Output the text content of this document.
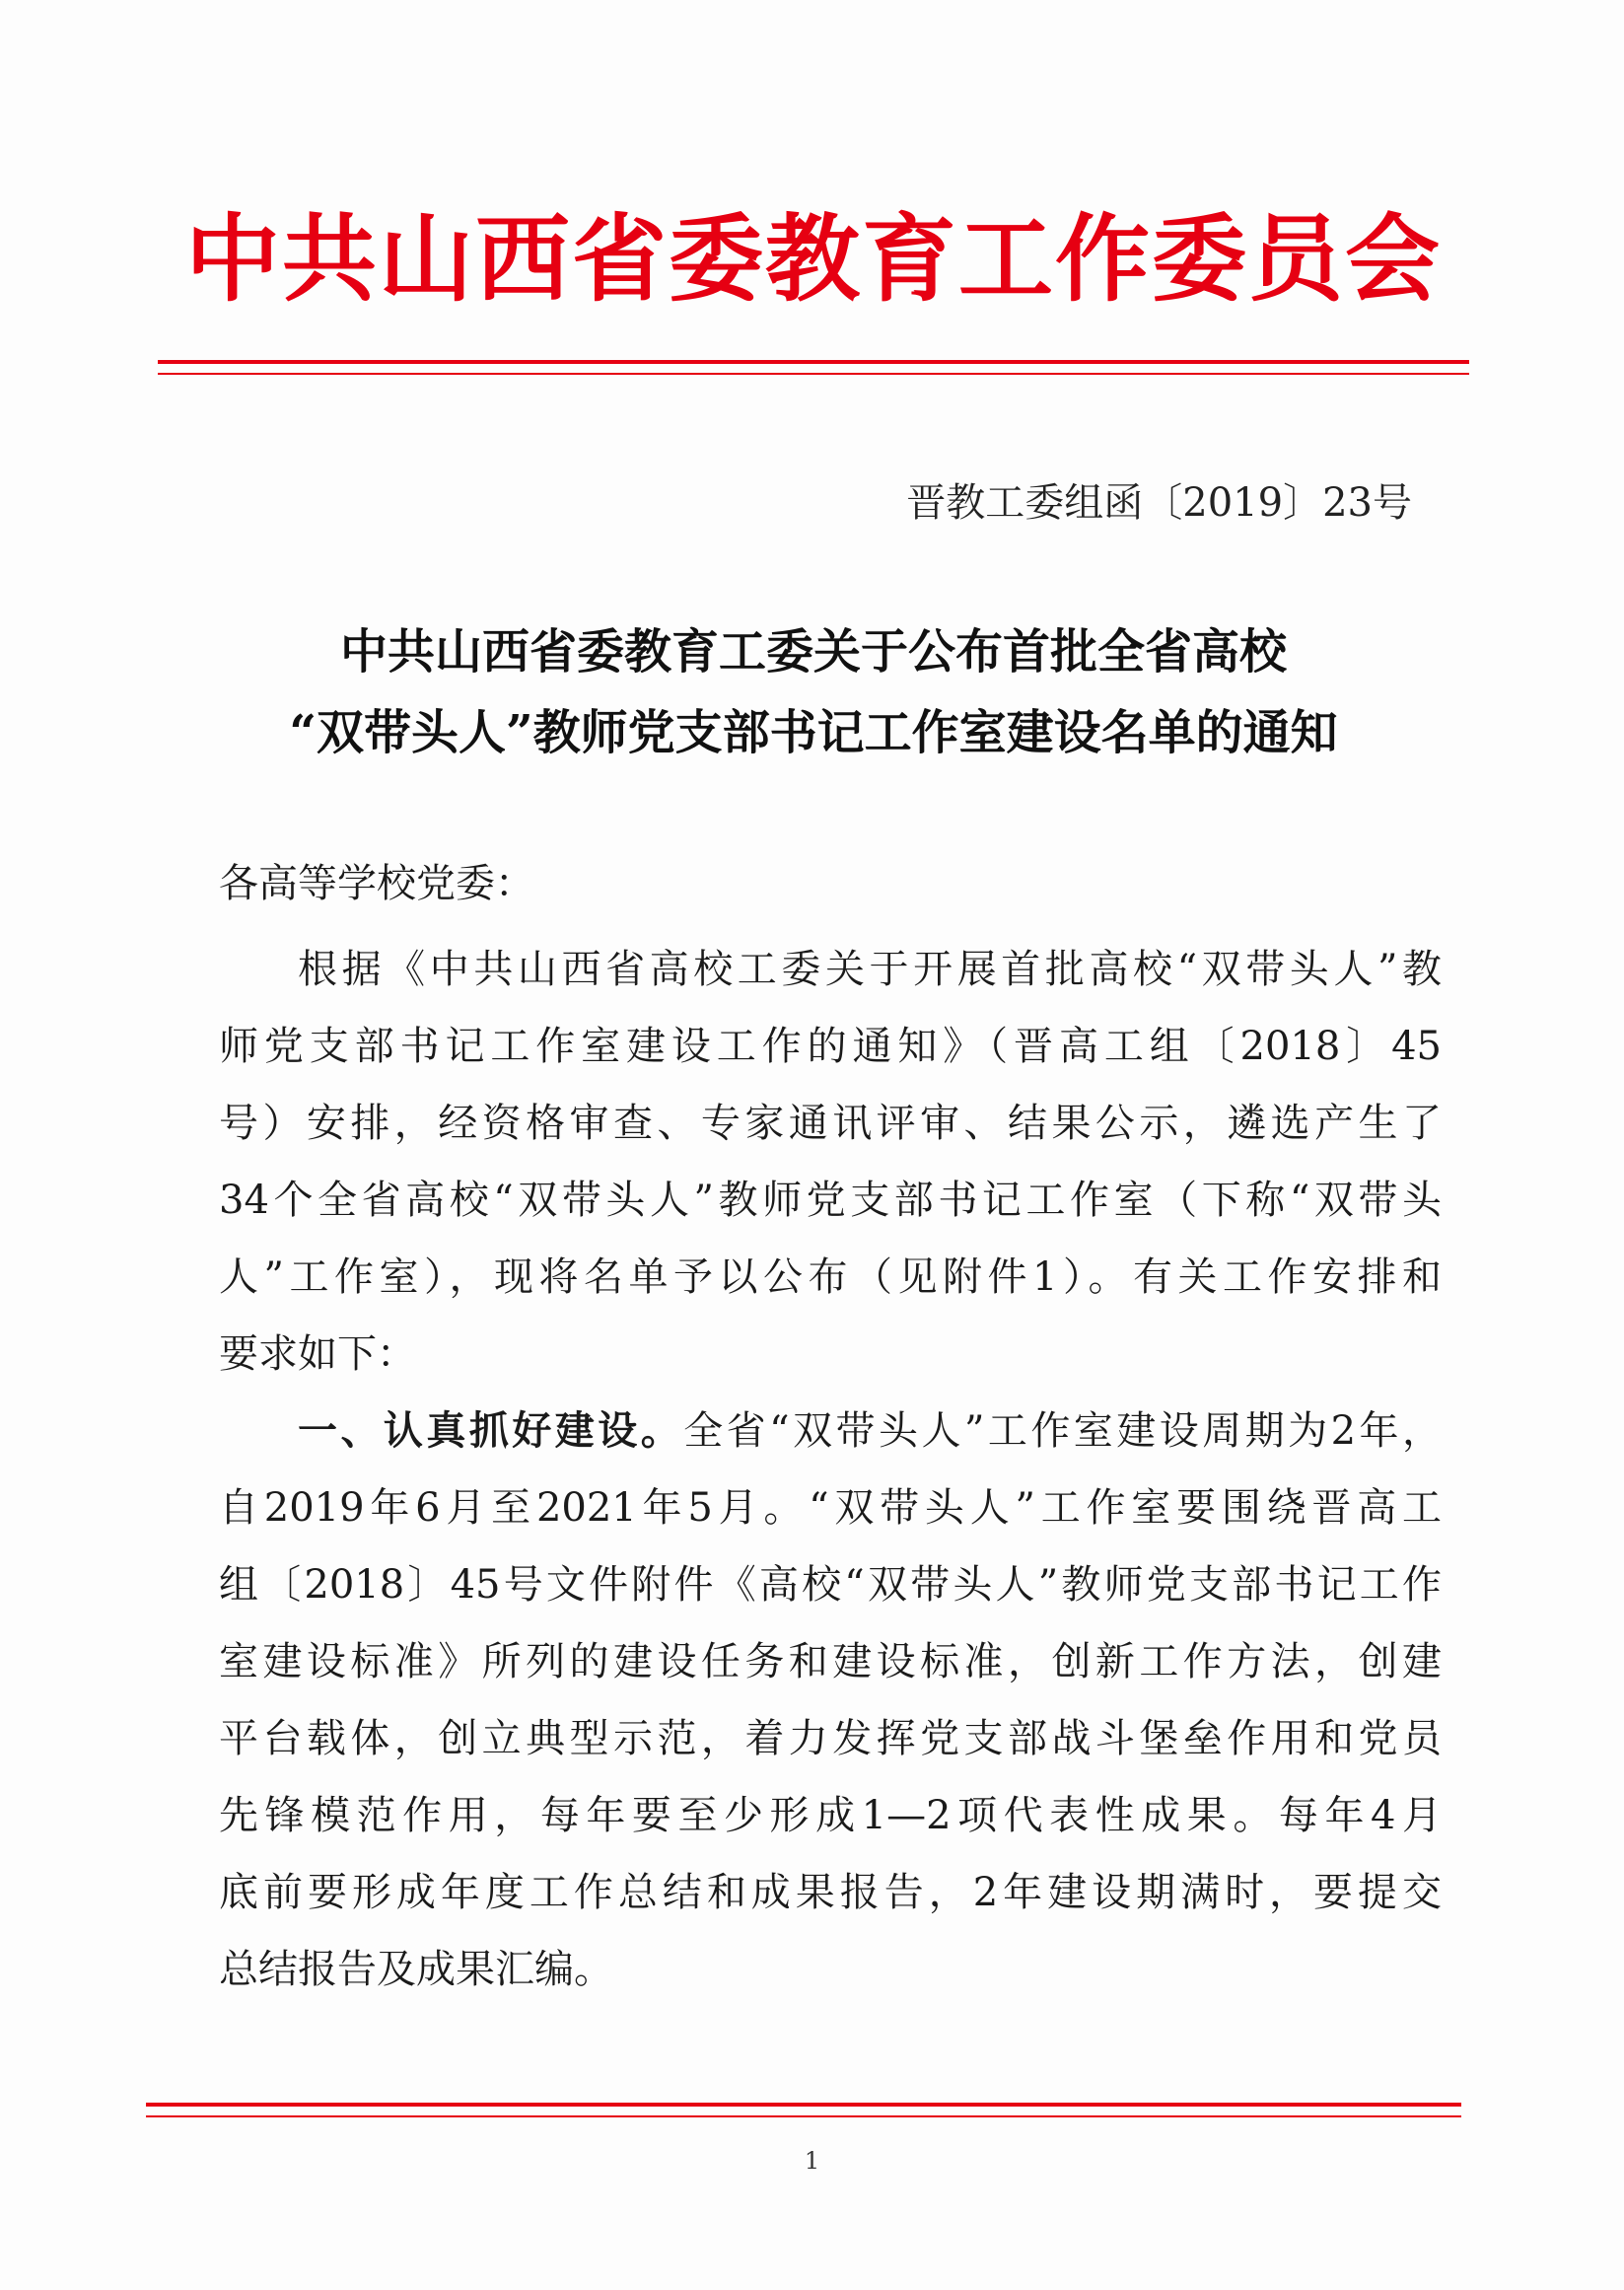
中共山西省委教育工作委员会
晋教工委组函〔2019〕23号
中共山西省委教育工委关于公布首批全省高校
“双带头人”教师党支部书记工作室建设名单的通知
各高等学校党委：
根据《中共山西省高校工委关于开展首批高校“双带头人”教
师党支部书记工作室建设工作的通知》（晋高工组〔2018〕45
号）安排，经资格审查、专家通讯评审、结果公示，遴选产生了
34个全省高校“双带头人”教师党支部书记工作室（下称“双带头
人”工作室），现将名单予以公布（见附件1）。有关工作安排和
要求如下：
一、认真抓好建设。全省“双带头人”工作室建设周期为2年，
自2019年6月至2021年5月。“双带头人”工作室要围绕晋高工
组〔2018〕45号文件附件《高校“双带头人”教师党支部书记工作
室建设标准》所列的建设任务和建设标准，创新工作方法，创建
平台载体，创立典型示范，着力发挥党支部战斗堡垒作用和党员
先锋模范作用，每年要至少形成1—2项代表性成果。每年4月
底前要形成年度工作总结和成果报告，2年建设期满时，要提交
总结报告及成果汇编。
1
